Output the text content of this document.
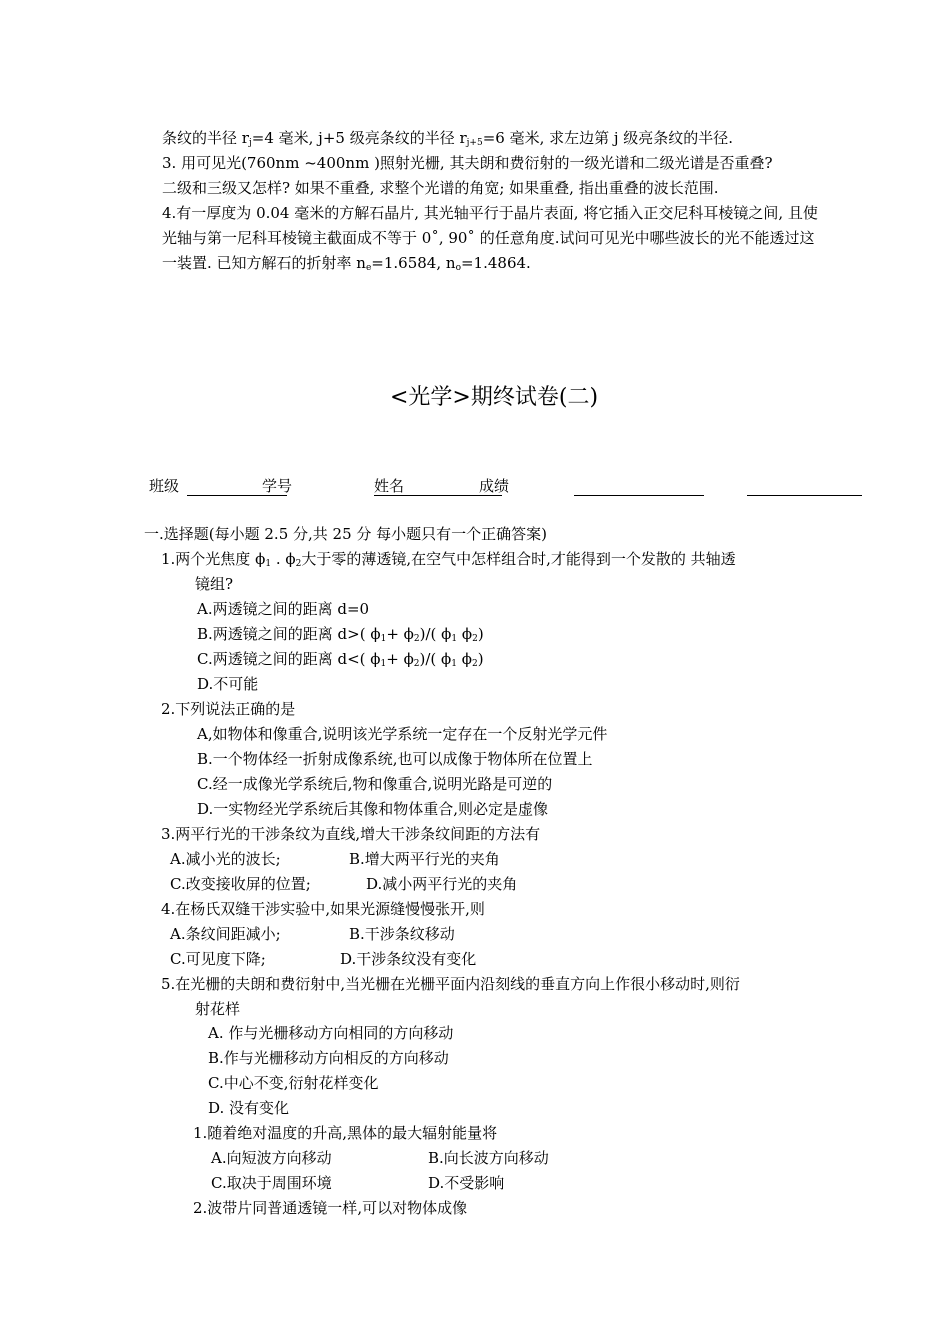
条纹的半径 $r_j=4$ 毫米, j+5 级亮条纹的半径 $r_{j+5}=6$ 毫米, 求左边第 j 级亮条纹的半径.
3. 用可见光(760nm ~400nm )照射光栅, 其夫朗和费衍射的一级光谱和二级光谱是否重叠?
二级和三级又怎样? 如果不重叠, 求整个光谱的角宽; 如果重叠, 指出重叠的波长范围.
4.有一厚度为 0.04 毫米的方解石晶片, 其光轴平行于晶片表面, 将它插入正交尼科耳棱镜之间, 且使
光轴与第一尼科耳棱镜主截面成不等于 0˚, 90˚ 的任意角度.试问可见光中哪些波长的光不能透过这
一装置. 已知方解石的折射率 $n_e=1.6584$, $n_o=1.4864$.
<光学>期终试卷(二)
班级	学号	姓名	成绩
一.选择题(每小题 2.5 分,共 25 分 每小题只有一个正确答案)
1.两个光焦度 ϕ1 . ϕ2大于零的薄透镜,在空气中怎样组合时,才能得到一个发散的 共轴透
镜组?
A.两透镜之间的距离 d=0
B.两透镜之间的距离 d>( ϕ1+ ϕ2)/( ϕ1 ϕ2)
C.两透镜之间的距离 d<( ϕ1+ ϕ2)/( ϕ1 ϕ2)
D.不可能
2.下列说法正确的是
A,如物体和像重合,说明该光学系统一定存在一个反射光学元件
B.一个物体经一折射成像系统,也可以成像于物体所在位置上
C.经一成像光学系统后,物和像重合,说明光路是可逆的
D.一实物经光学系统后其像和物体重合,则必定是虚像
3.两平行光的干涉条纹为直线,增大干涉条纹间距的方法有
A.减小光的波长;	B.增大两平行光的夹角
C.改变接收屏的位置;	D.减小两平行光的夹角
4.在杨氏双缝干涉实验中,如果光源缝慢慢张开,则
A.条纹间距减小;	B.干涉条纹移动
C.可见度下降;	D.干涉条纹没有变化
5.在光栅的夫朗和费衍射中,当光栅在光栅平面内沿刻线的垂直方向上作很小移动时,则衍
射花样
A. 作与光栅移动方向相同的方向移动
B.作与光栅移动方向相反的方向移动
C.中心不变,衍射花样变化
D. 没有变化
1.随着绝对温度的升高,黑体的最大辐射能量将
A.向短波方向移动	B.向长波方向移动
C.取决于周围环境	D.不受影响
2.波带片同普通透镜一样,可以对物体成像
